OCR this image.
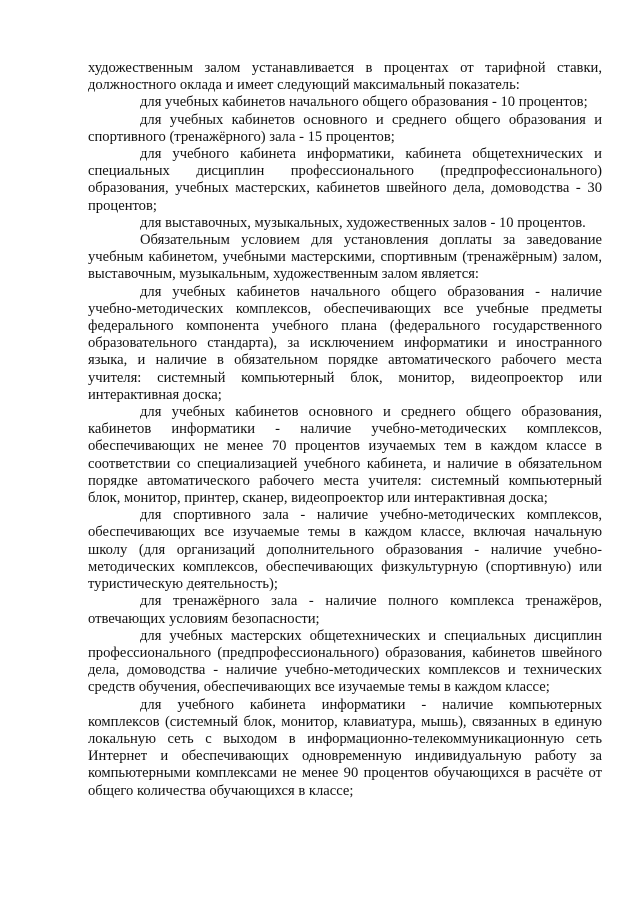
художественным залом устанавливается в процентах от тарифной ставки, должностного оклада и имеет следующий максимальный показатель:

для учебных кабинетов начального общего образования - 10 процентов;

для учебных кабинетов основного и среднего общего образования и спортивного (тренажёрного) зала - 15 процентов;

для учебного кабинета информатики, кабинета общетехнических и специальных дисциплин профессионального (предпрофессионального) образования, учебных мастерских, кабинетов швейного дела, домоводства - 30 процентов;

для выставочных, музыкальных, художественных залов - 10 процентов.

Обязательным условием для установления доплаты за заведование учебным кабинетом, учебными мастерскими, спортивным (тренажёрным) залом, выставочным, музыкальным, художественным залом является:

для учебных кабинетов начального общего образования - наличие учебно-методических комплексов, обеспечивающих все учебные предметы федерального компонента учебного плана (федерального государственного образовательного стандарта), за исключением информатики и иностранного языка, и наличие в обязательном порядке автоматического рабочего места учителя: системный компьютерный блок, монитор, видеопроектор или интерактивная доска;

для учебных кабинетов основного и среднего общего образования, кабинетов информатики - наличие учебно-методических комплексов, обеспечивающих не менее 70 процентов изучаемых тем в каждом классе в соответствии со специализацией учебного кабинета, и наличие в обязательном порядке автоматического рабочего места учителя: системный компьютерный блок, монитор, принтер, сканер, видеопроектор или интерактивная доска;

для спортивного зала - наличие учебно-методических комплексов, обеспечивающих все изучаемые темы в каждом классе, включая начальную школу (для организаций дополнительного образования - наличие учебно-методических комплексов, обеспечивающих физкультурную (спортивную) или туристическую деятельность);

для тренажёрного зала - наличие полного комплекса тренажёров, отвечающих условиям безопасности;

для учебных мастерских общетехнических и специальных дисциплин профессионального (предпрофессионального) образования, кабинетов швейного дела, домоводства - наличие учебно-методических комплексов и технических средств обучения, обеспечивающих все изучаемые темы в каждом классе;

для учебного кабинета информатики - наличие компьютерных комплексов (системный блок, монитор, клавиатура, мышь), связанных в единую локальную сеть с выходом в информационно-телекоммуникационную сеть Интернет и обеспечивающих одновременную индивидуальную работу за компьютерными комплексами не менее 90 процентов обучающихся в расчёте от общего количества обучающихся в классе;
